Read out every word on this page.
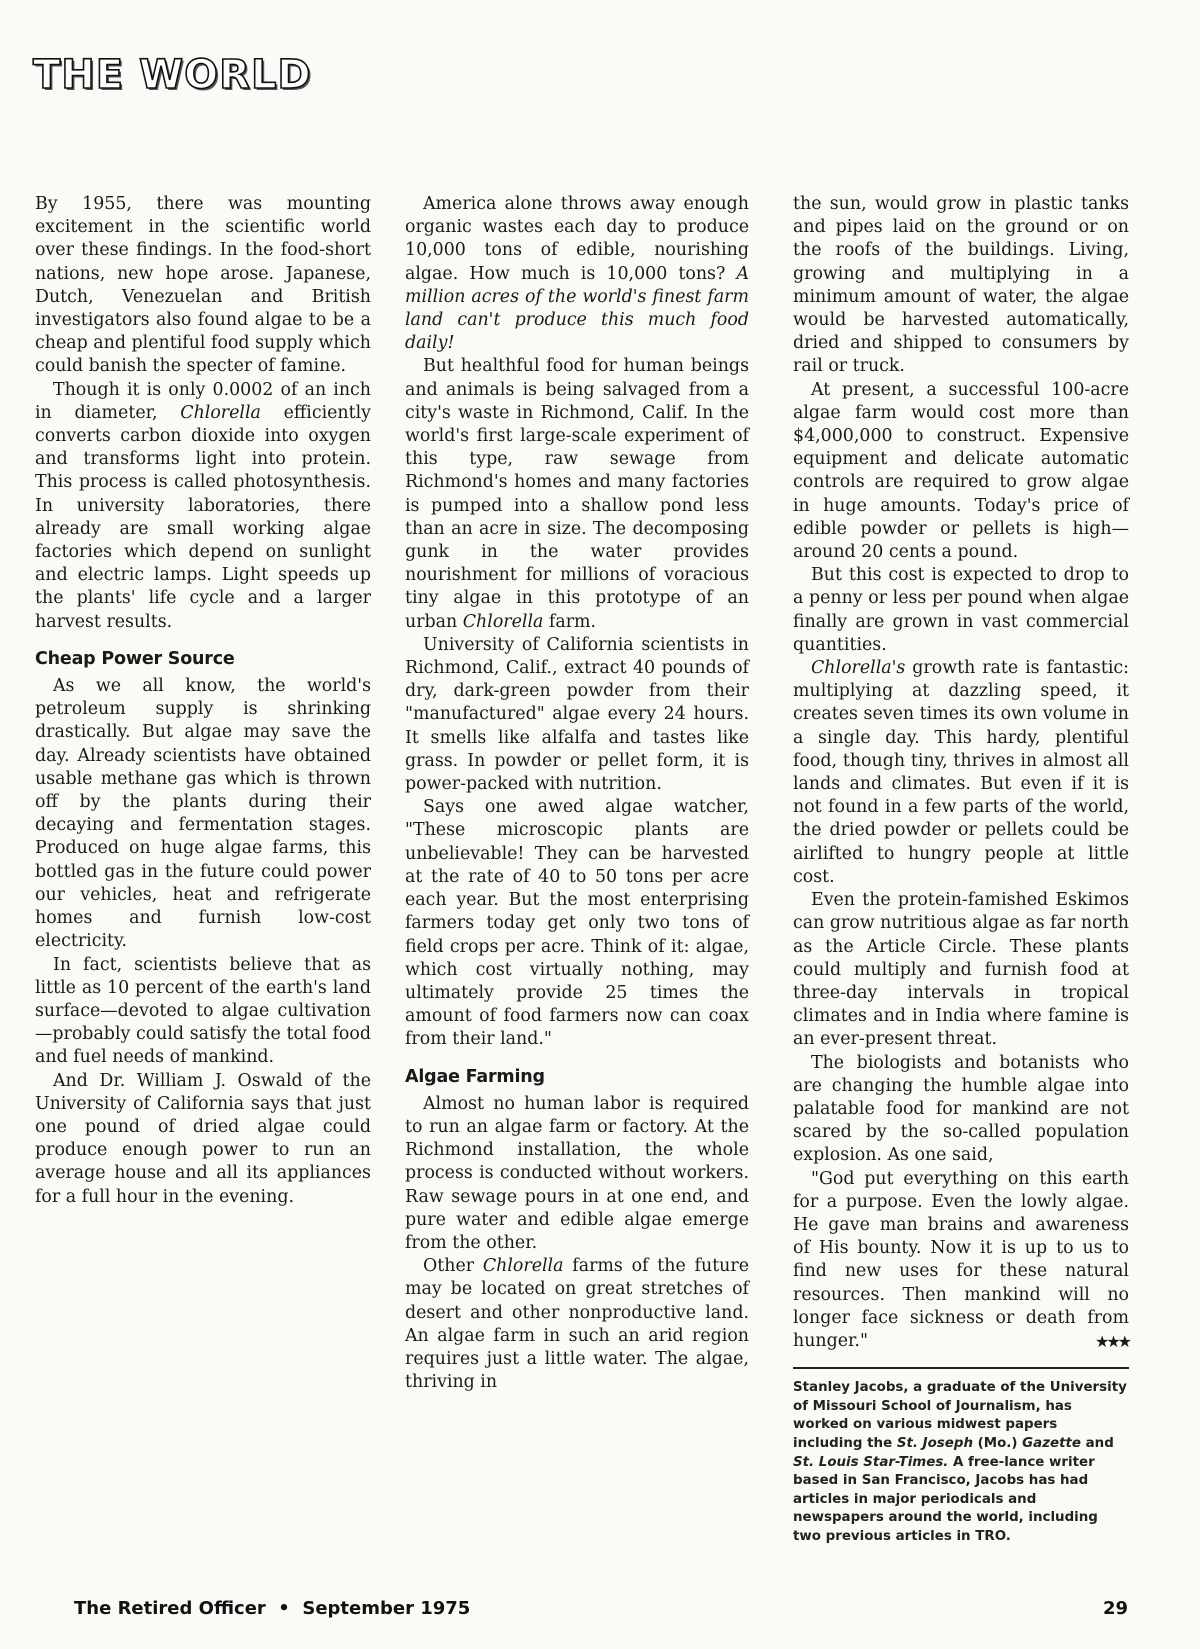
THE WORLD

By 1955, there was mounting excitement in the scientific world over these findings. In the food-short nations, new hope arose. Japanese, Dutch, Venezuelan and British investigators also found algae to be a cheap and plentiful food supply which could banish the specter of famine.

Though it is only 0.0002 of an inch in diameter, Chlorella efficiently converts carbon dioxide into oxygen and transforms light into protein. This process is called photosynthesis. In university laboratories, there already are small working algae factories which depend on sunlight and electric lamps. Light speeds up the plants' life cycle and a larger harvest results.

Cheap Power Source

As we all know, the world's petroleum supply is shrinking drastically. But algae may save the day. Already scientists have obtained usable methane gas which is thrown off by the plants during their decaying and fermentation stages. Produced on huge algae farms, this bottled gas in the future could power our vehicles, heat and refrigerate homes and furnish low-cost electricity.

In fact, scientists believe that as little as 10 percent of the earth's land surface—devoted to algae cultivation—probably could satisfy the total food and fuel needs of mankind.

And Dr. William J. Oswald of the University of California says that just one pound of dried algae could produce enough power to run an average house and all its appliances for a full hour in the evening.

America alone throws away enough organic wastes each day to produce 10,000 tons of edible, nourishing algae. How much is 10,000 tons? A million acres of the world's finest farm land can't produce this much food daily!

But healthful food for human beings and animals is being salvaged from a city's waste in Richmond, Calif. In the world's first large-scale experiment of this type, raw sewage from Richmond's homes and many factories is pumped into a shallow pond less than an acre in size. The decomposing gunk in the water provides nourishment for millions of voracious tiny algae in this prototype of an urban Chlorella farm.

University of California scientists in Richmond, Calif., extract 40 pounds of dry, dark-green powder from their "manufactured" algae every 24 hours. It smells like alfalfa and tastes like grass. In powder or pellet form, it is power-packed with nutrition.

Says one awed algae watcher, "These microscopic plants are unbelievable! They can be harvested at the rate of 40 to 50 tons per acre each year. But the most enterprising farmers today get only two tons of field crops per acre. Think of it: algae, which cost virtually nothing, may ultimately provide 25 times the amount of food farmers now can coax from their land."

Algae Farming

Almost no human labor is required to run an algae farm or factory. At the Richmond installation, the whole process is conducted without workers. Raw sewage pours in at one end, and pure water and edible algae emerge from the other.

Other Chlorella farms of the future may be located on great stretches of desert and other nonproductive land. An algae farm in such an arid region requires just a little water. The algae, thriving in

the sun, would grow in plastic tanks and pipes laid on the ground or on the roofs of the buildings. Living, growing and multiplying in a minimum amount of water, the algae would be harvested automatically, dried and shipped to consumers by rail or truck.

At present, a successful 100-acre algae farm would cost more than $4,000,000 to construct. Expensive equipment and delicate automatic controls are required to grow algae in huge amounts. Today's price of edible powder or pellets is high—around 20 cents a pound.

But this cost is expected to drop to a penny or less per pound when algae finally are grown in vast commercial quantities.

Chlorella's growth rate is fantastic: multiplying at dazzling speed, it creates seven times its own volume in a single day. This hardy, plentiful food, though tiny, thrives in almost all lands and climates. But even if it is not found in a few parts of the world, the dried powder or pellets could be airlifted to hungry people at little cost.

Even the protein-famished Eskimos can grow nutritious algae as far north as the Article Circle. These plants could multiply and furnish food at three-day intervals in tropical climates and in India where famine is an ever-present threat.

The biologists and botanists who are changing the humble algae into palatable food for mankind are not scared by the so-called population explosion. As one said,

"God put everything on this earth for a purpose. Even the lowly algae. He gave man brains and awareness of His bounty. Now it is up to us to find new uses for these natural resources. Then mankind will no longer face sickness or death from hunger."	★★★

Stanley Jacobs, a graduate of the University of Missouri School of Journalism, has worked on various midwest papers including the St. Joseph (Mo.) Gazette and St. Louis Star-Times. A free-lance writer based in San Francisco, Jacobs has had articles in major periodicals and newspapers around the world, including two previous articles in TRO.
The Retired Officer  •  September 1975	29
